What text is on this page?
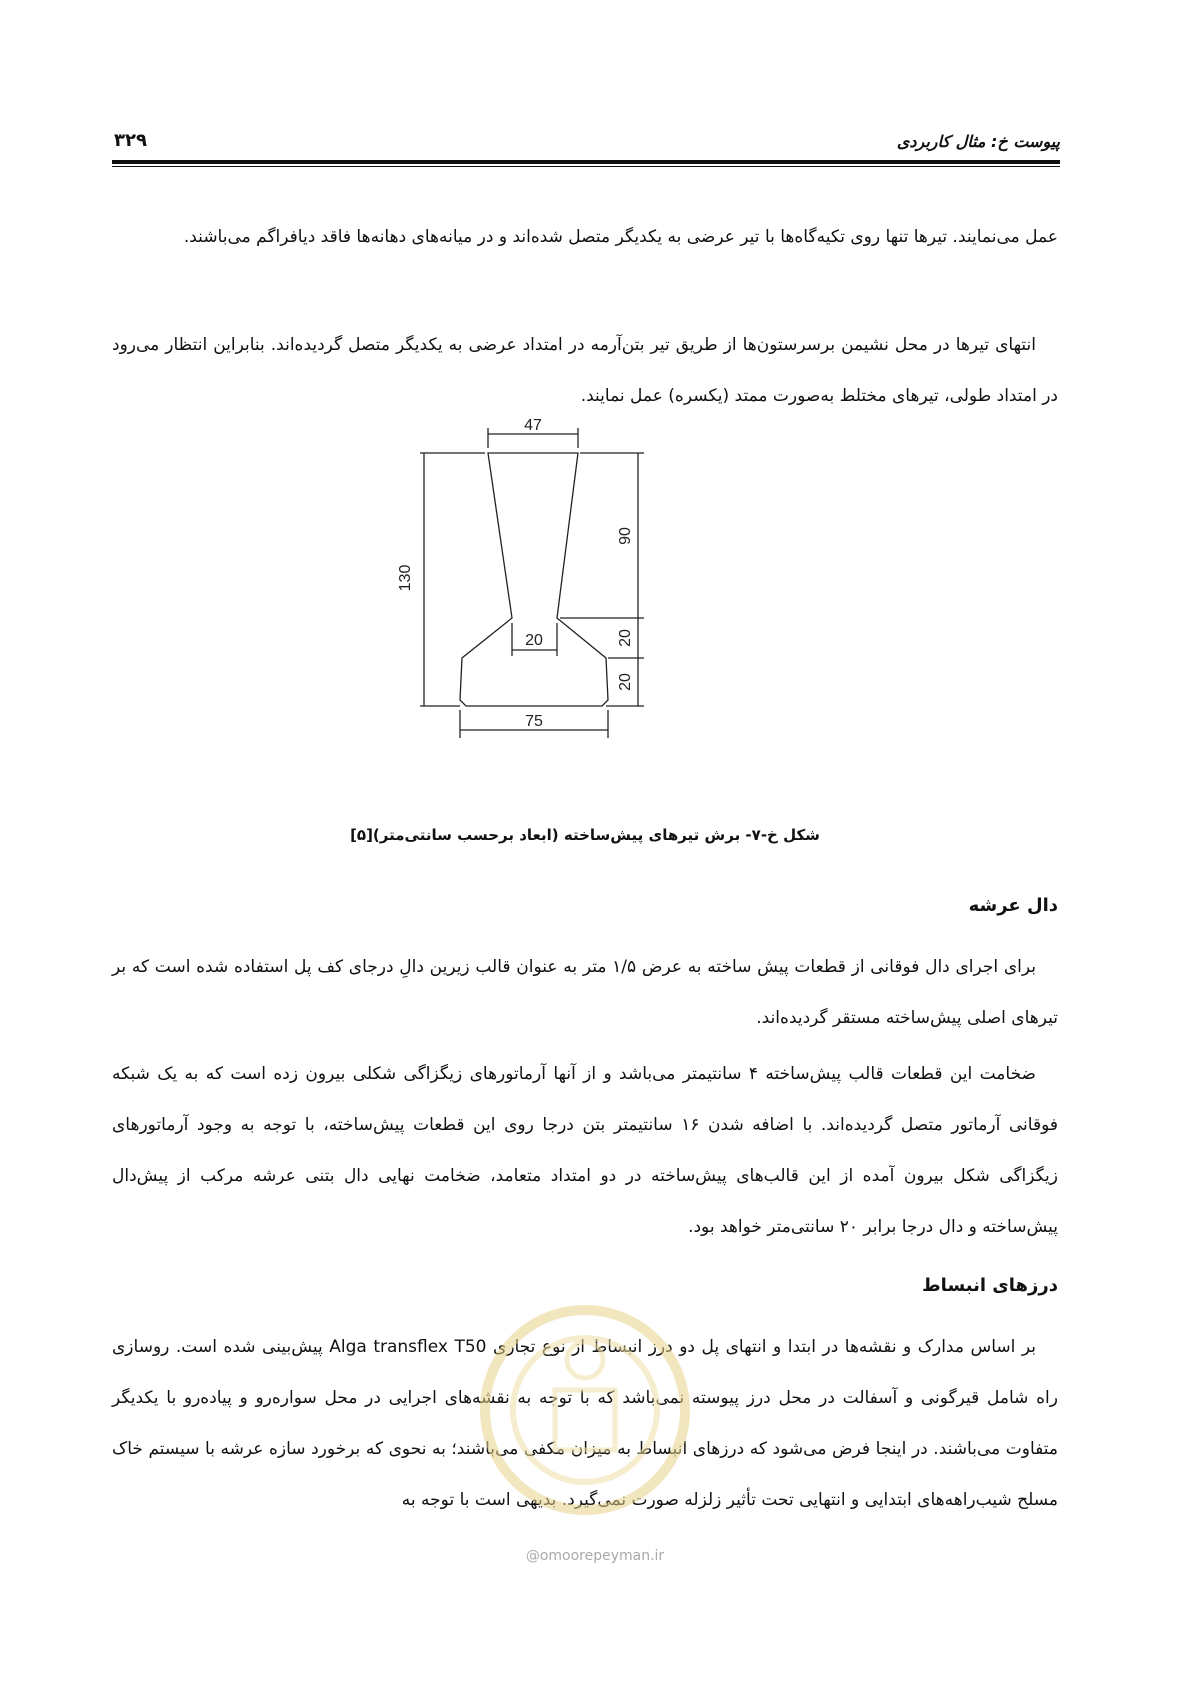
پیوست خ: مثال کاربردی
۳۲۹

عمل می‌نمایند. تیرها تنها روی تکیه‌گاه‌ها با تیر عرضی به یکدیگر متصل شده‌اند و در میانه‌های دهانه‌ها فاقد دیافراگم می‌باشند.

انتهای تیرها در محل نشیمن برسرستون‌ها از طریق تیر بتن‌آرمه در امتداد عرضی به یکدیگر متصل گردیده‌اند. بنابراین انتظار می‌رود در امتداد طولی، تیرهای مختلط به‌صورت ممتد (یکسره) عمل نمایند.

47
130
90
20
20
20
75
شکل خ-۷- برش تیرهای پیش‌ساخته (ابعاد برحسب سانتی‌متر)[۵]

دال عرشه

برای اجرای دال فوقانی از قطعات پیش ساخته به عرض ۱/۵ متر به عنوان قالب زیرین دالِ درجای کف پل استفاده شده است که بر تیرهای اصلی پیش‌ساخته مستقر گردیده‌اند.

ضخامت این قطعات قالب پیش‌ساخته ۴ سانتیمتر می‌باشد و از آنها آرماتورهای زیگزاگی شکلی بیرون زده است که به یک شبکه فوقانی آرماتور متصل گردیده‌اند. با اضافه شدن ۱۶ سانتیمتر بتن درجا روی این قطعات پیش‌ساخته، با توجه به وجود آرماتورهای زیگزاگی شکل بیرون آمده از این قالب‌های پیش‌ساخته در دو امتداد متعامد، ضخامت نهایی دال بتنی عرشه مرکب از پیش‌دال پیش‌ساخته و دال درجا برابر ۲۰ سانتی‌متر خواهد بود.

درزهای انبساط

بر اساس مدارک و نقشه‌ها در ابتدا و انتهای پل دو درز انبساط از نوع تجاری Alga transflex T50 پیش‌بینی شده است. روسازی راه شامل قیرگونی و آسفالت در محل درز پیوسته نمی‌باشد که با توجه به نقشه‌های اجرایی در محل سواره‌رو و پیاده‌رو با یکدیگر متفاوت می‌باشند. در اینجا فرض می‌شود که درزهای انبساط به میزان مکفی می‌باشند؛ به نحوی که برخورد سازه عرشه با سیستم خاک مسلح شیب‌راهه‌های ابتدایی و انتهایی تحت تأثیر زلزله صورت نمی‌گیرد. بدیهی است با توجه به

@omoorepeyman.ir
